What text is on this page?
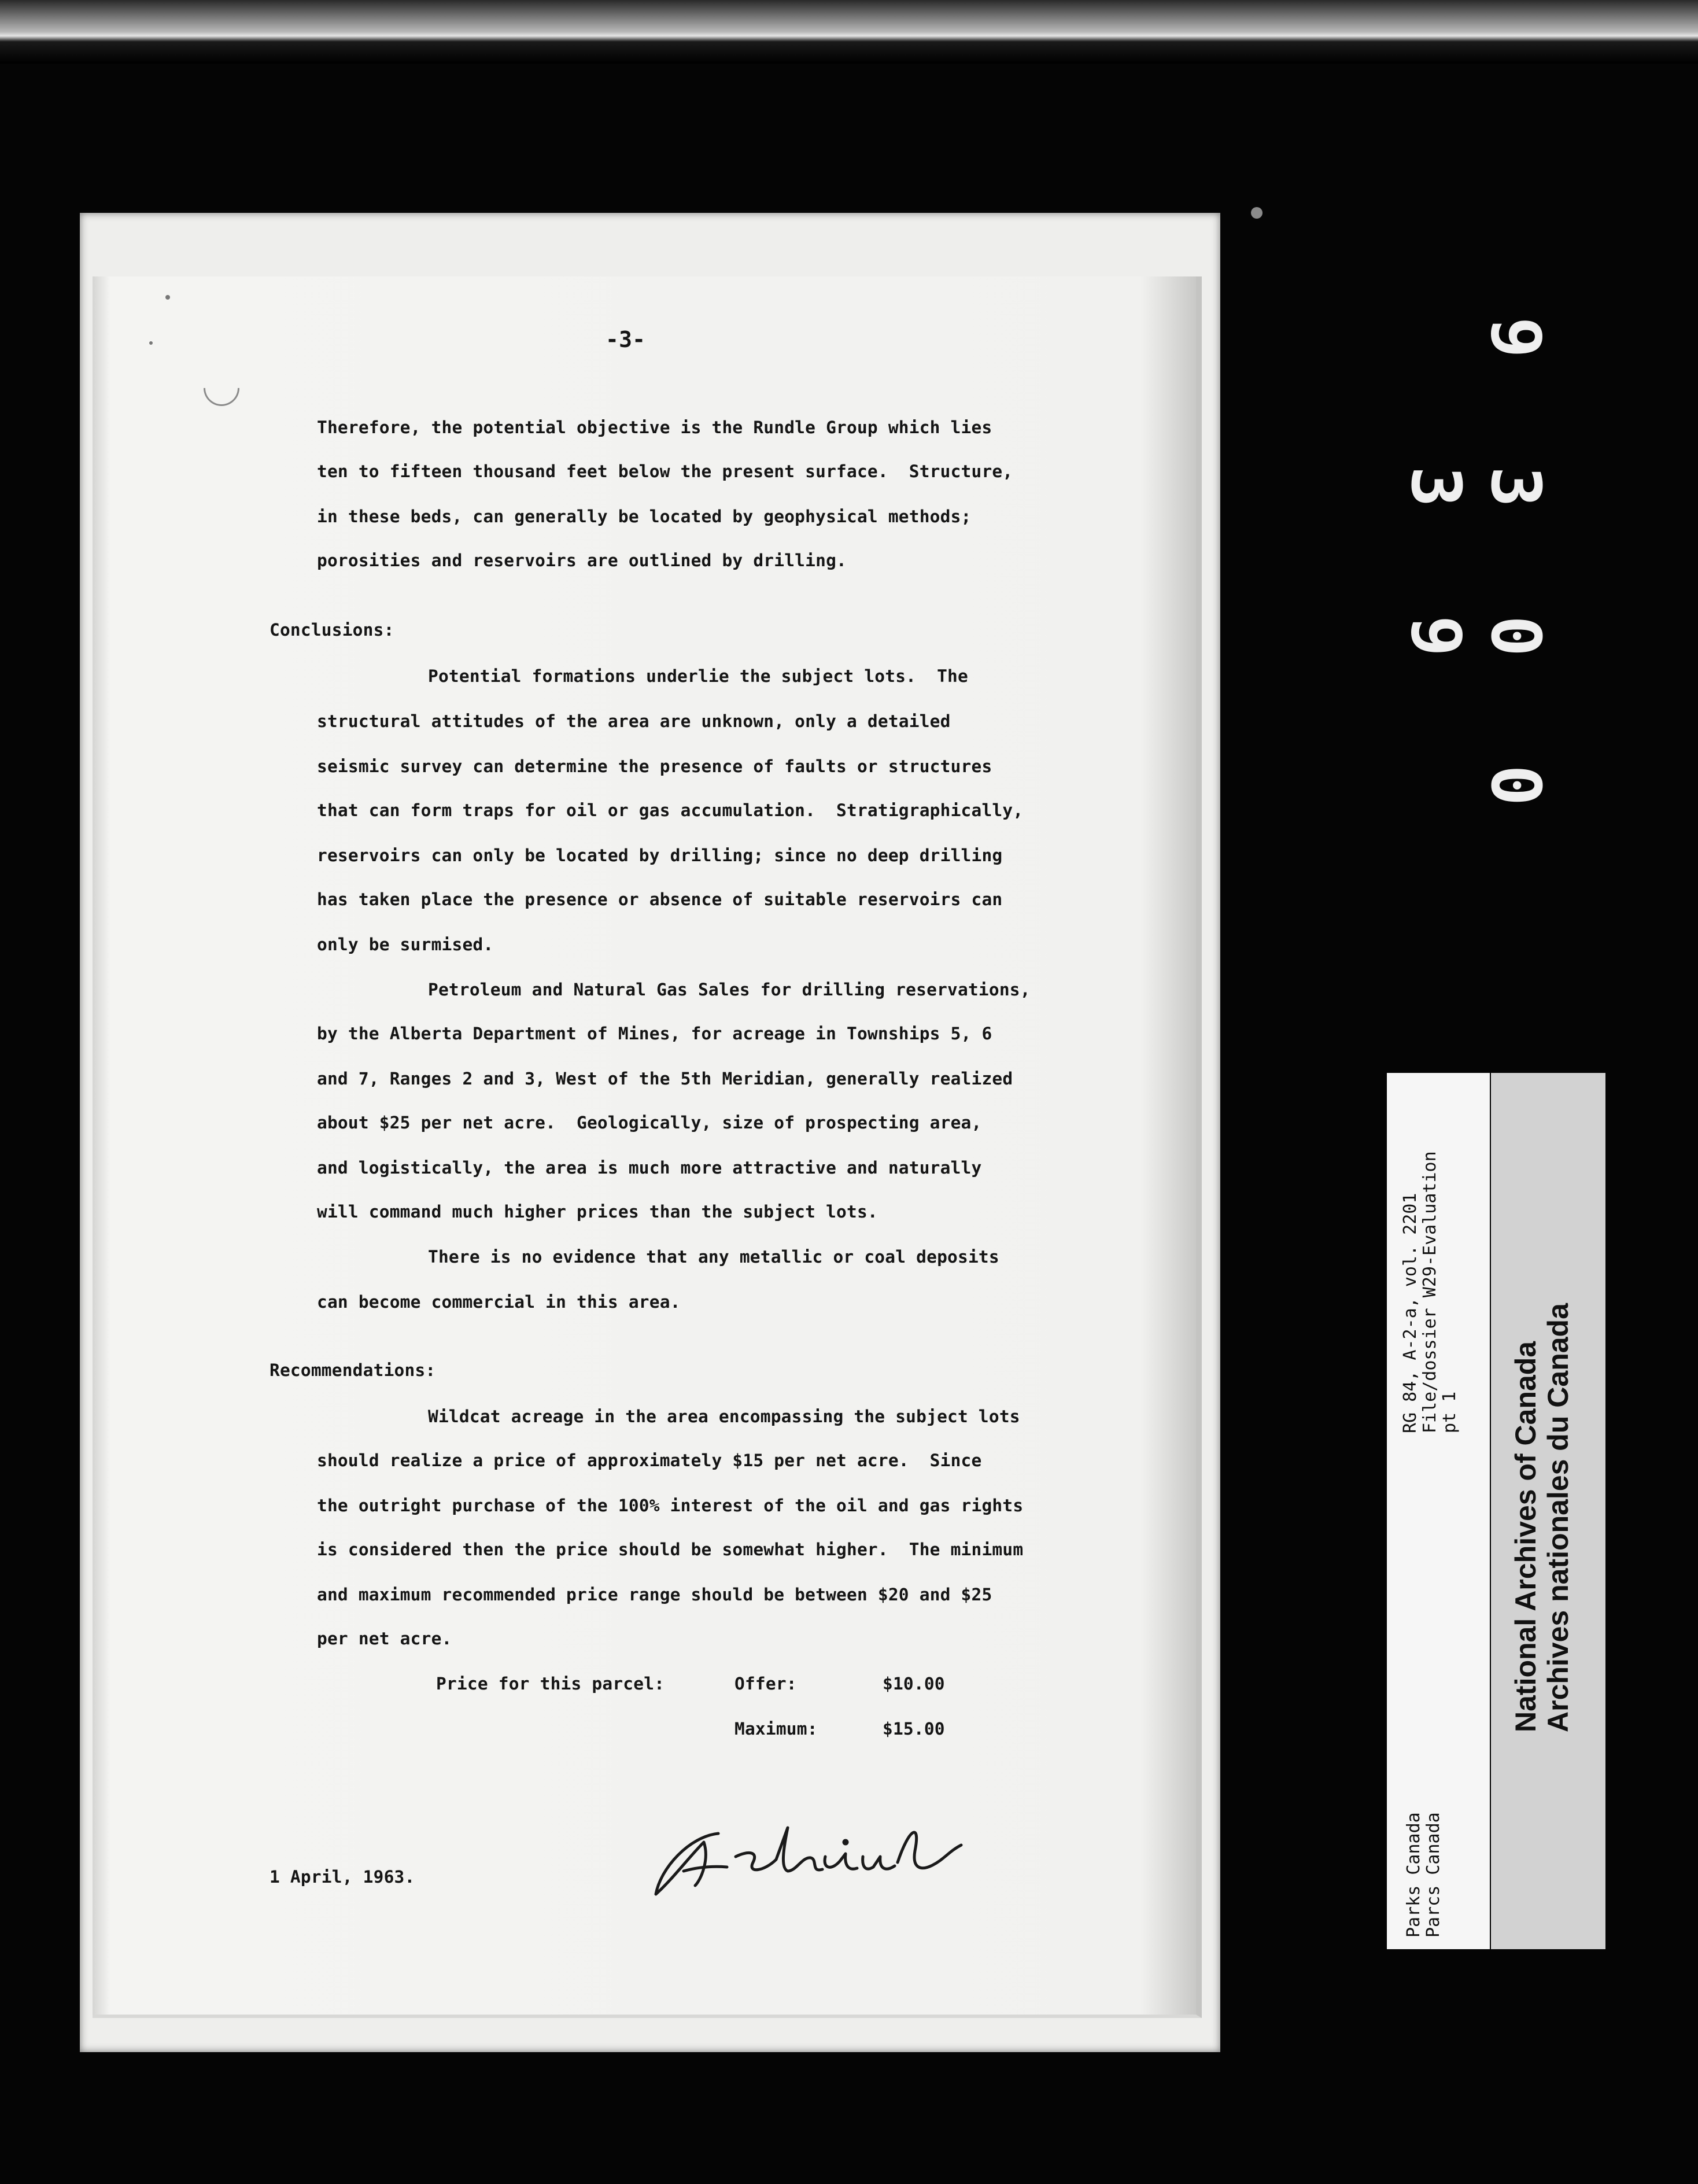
9 3 0 0 3 9
-3-
Therefore, the potential objective is the Rundle Group which lies
ten to fifteen thousand feet below the present surface.  Structure,
in these beds, can generally be located by geophysical methods;
porosities and reservoirs are outlined by drilling.
Conclusions:
Potential formations underlie the subject lots.  The
structural attitudes of the area are unknown, only a detailed
seismic survey can determine the presence of faults or structures
that can form traps for oil or gas accumulation.  Stratigraphically,
reservoirs can only be located by drilling; since no deep drilling
has taken place the presence or absence of suitable reservoirs can
only be surmised.
Petroleum and Natural Gas Sales for drilling reservations,
by the Alberta Department of Mines, for acreage in Townships 5, 6
and 7, Ranges 2 and 3, West of the 5th Meridian, generally realized
about $25 per net acre.  Geologically, size of prospecting area,
and logistically, the area is much more attractive and naturally
will command much higher prices than the subject lots.
There is no evidence that any metallic or coal deposits
can become commercial in this area.
Recommendations:
Wildcat acreage in the area encompassing the subject lots
should realize a price of approximately $15 per net acre.  Since
the outright purchase of the 100% interest of the oil and gas rights
is considered then the price should be somewhat higher.  The minimum
and maximum recommended price range should be between $20 and $25
per net acre.
Price for this parcel:	Offer:	$10.00
Maximum:	$15.00
1 April, 1963.
RG 84, A-2-a, vol. 2201
File/dossier W29-Evaluation
pt 1
Parks Canada
Parcs Canada
National Archives of Canada
Archives nationales du Canada
